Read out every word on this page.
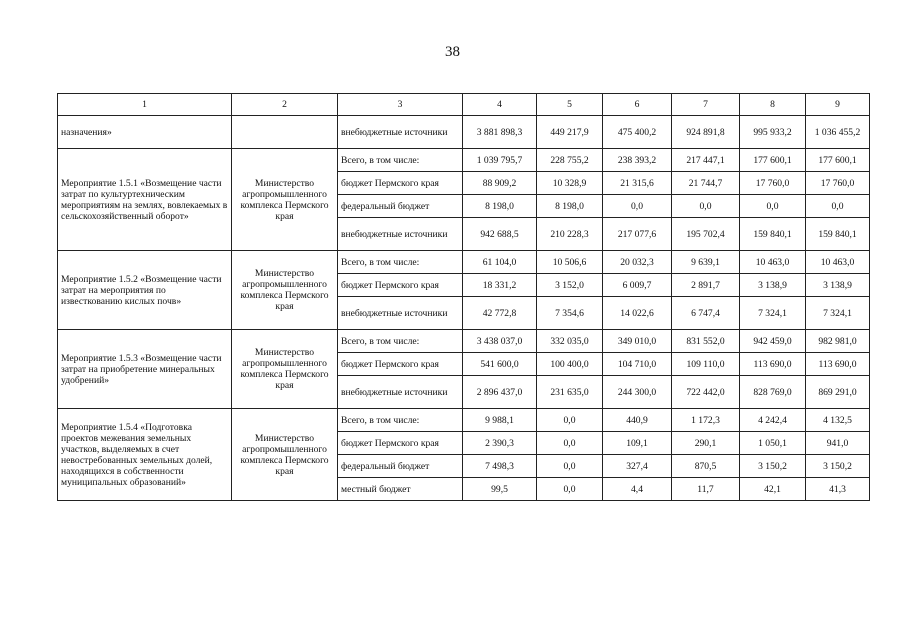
38
1	2	3	4	5	6	7	8	9
назначения»		внебюджетные источники	3 881 898,3	449 217,9	475 400,2	924 891,8	995 933,2	1 036 455,2
Мероприятие 1.5.1 «Возмещение части затрат по культуртехническим мероприятиям на землях, вовлекаемых в сельскохозяйственный оборот»	Министерство агропромышленного комплекса Пермского края	Всего, в том числе:	1 039 795,7	228 755,2	238 393,2	217 447,1	177 600,1	177 600,1
		бюджет Пермского края	88 909,2	10 328,9	21 315,6	21 744,7	17 760,0	17 760,0
		федеральный бюджет	8 198,0	8 198,0	0,0	0,0	0,0	0,0
		внебюджетные источники	942 688,5	210 228,3	217 077,6	195 702,4	159 840,1	159 840,1
Мероприятие 1.5.2 «Возмещение части затрат на мероприятия по известкованию кислых почв»	Министерство агропромышленного комплекса Пермского края	Всего, в том числе:	61 104,0	10 506,6	20 032,3	9 639,1	10 463,0	10 463,0
		бюджет Пермского края	18 331,2	3 152,0	6 009,7	2 891,7	3 138,9	3 138,9
		внебюджетные источники	42 772,8	7 354,6	14 022,6	6 747,4	7 324,1	7 324,1
Мероприятие 1.5.3 «Возмещение части затрат на приобретение минеральных удобрений»	Министерство агропромышленного комплекса Пермского края	Всего, в том числе:	3 438 037,0	332 035,0	349 010,0	831 552,0	942 459,0	982 981,0
		бюджет Пермского края	541 600,0	100 400,0	104 710,0	109 110,0	113 690,0	113 690,0
		внебюджетные источники	2 896 437,0	231 635,0	244 300,0	722 442,0	828 769,0	869 291,0
Мероприятие 1.5.4 «Подготовка проектов межевания земельных участков, выделяемых в счет невостребованных земельных долей, находящихся в собственности муниципальных образований»	Министерство агропромышленного комплекса Пермского края	Всего, в том числе:	9 988,1	0,0	440,9	1 172,3	4 242,4	4 132,5
		бюджет Пермского края	2 390,3	0,0	109,1	290,1	1 050,1	941,0
		федеральный бюджет	7 498,3	0,0	327,4	870,5	3 150,2	3 150,2
		местный бюджет	99,5	0,0	4,4	11,7	42,1	41,3
